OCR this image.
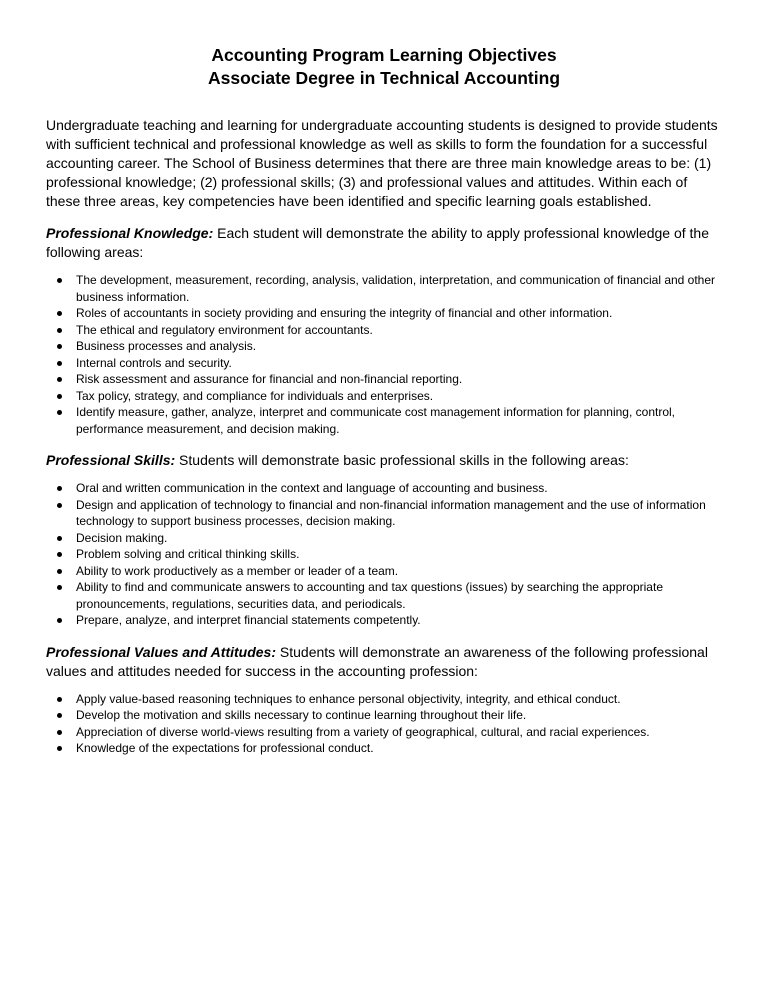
Accounting Program Learning Objectives
Associate Degree in Technical Accounting

Undergraduate teaching and learning for undergraduate accounting students is designed to provide students with sufficient technical and professional knowledge as well as skills to form the foundation for a successful accounting career. The School of Business determines that there are three main knowledge areas to be: (1) professional knowledge; (2) professional skills; (3) and professional values and attitudes. Within each of these three areas, key competencies have been identified and specific learning goals established.

Professional Knowledge: Each student will demonstrate the ability to apply professional knowledge of the following areas:

The development, measurement, recording, analysis, validation, interpretation, and communication of financial and other business information.
Roles of accountants in society providing and ensuring the integrity of financial and other information.
The ethical and regulatory environment for accountants.
Business processes and analysis.
Internal controls and security.
Risk assessment and assurance for financial and non-financial reporting.
Tax policy, strategy, and compliance for individuals and enterprises.
Identify measure, gather, analyze, interpret and communicate cost management information for planning, control, performance measurement, and decision making.

Professional Skills: Students will demonstrate basic professional skills in the following areas:

Oral and written communication in the context and language of accounting and business.
Design and application of technology to financial and non-financial information management and the use of information technology to support business processes, decision making.
Decision making.
Problem solving and critical thinking skills.
Ability to work productively as a member or leader of a team.
Ability to find and communicate answers to accounting and tax questions (issues) by searching the appropriate pronouncements, regulations, securities data, and periodicals.
Prepare, analyze, and interpret financial statements competently.

Professional Values and Attitudes: Students will demonstrate an awareness of the following professional values and attitudes needed for success in the accounting profession:

Apply value-based reasoning techniques to enhance personal objectivity, integrity, and ethical conduct.
Develop the motivation and skills necessary to continue learning throughout their life.
Appreciation of diverse world-views resulting from a variety of geographical, cultural, and racial experiences.
Knowledge of the expectations for professional conduct.
